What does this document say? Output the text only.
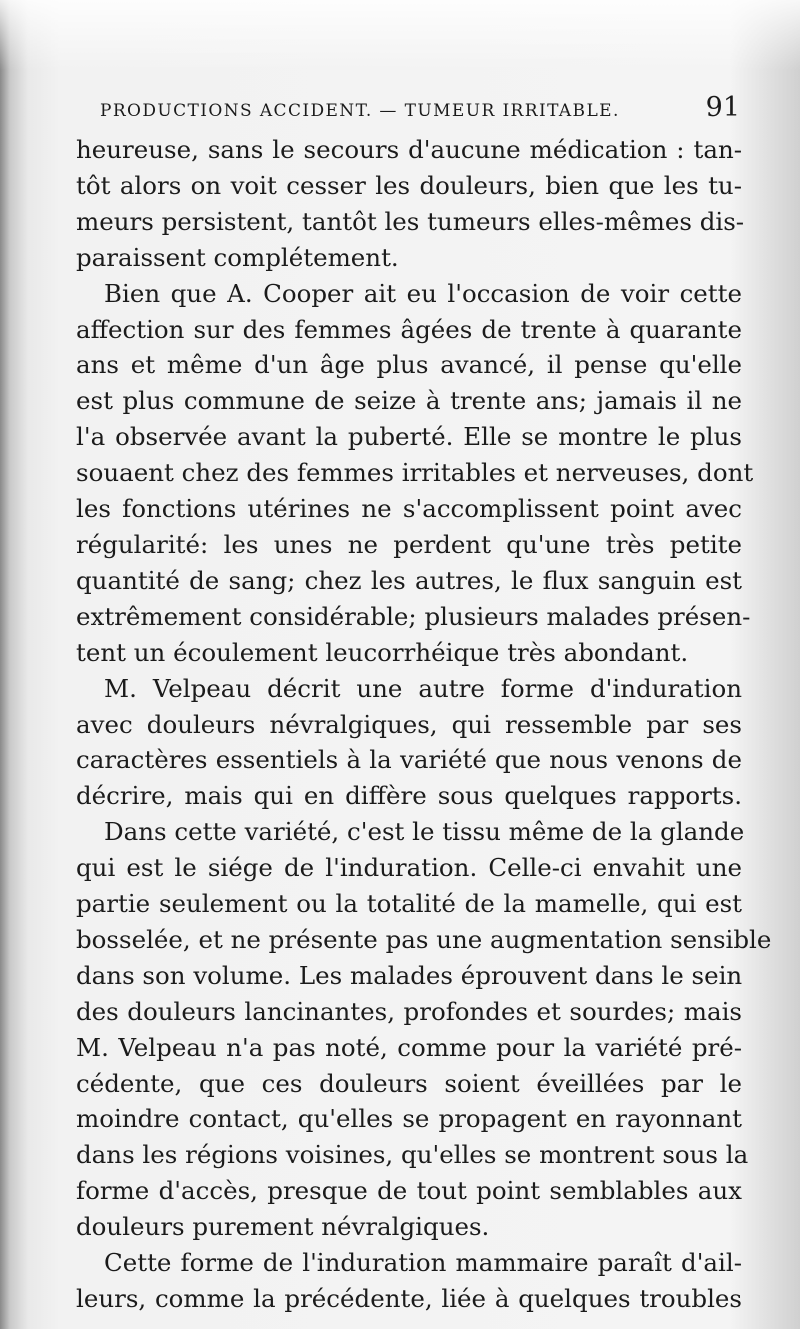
PRODUCTIONS ACCIDENT. — TUMEUR IRRITABLE.	91
heureuse, sans le secours d'aucune médication : tan-
tôt alors on voit cesser les douleurs, bien que les tu-
meurs persistent, tantôt les tumeurs elles-mêmes dis-
paraissent complétement.
Bien que A. Cooper ait eu l'occasion de voir cette
affection sur des femmes âgées de trente à quarante
ans et même d'un âge plus avancé, il pense qu'elle
est plus commune de seize à trente ans; jamais il ne
l'a observée avant la puberté. Elle se montre le plus
souaent chez des femmes irritables et nerveuses, dont
les fonctions utérines ne s'accomplissent point avec
régularité: les unes ne perdent qu'une très petite
quantité de sang; chez les autres, le flux sanguin est
extrêmement considérable; plusieurs malades présen-
tent un écoulement leucorrhéique très abondant.
M. Velpeau décrit une autre forme d'induration
avec douleurs névralgiques, qui ressemble par ses
caractères essentiels à la variété que nous venons de
décrire, mais qui en diffère sous quelques rapports.
Dans cette variété, c'est le tissu même de la glande
qui est le siége de l'induration. Celle-ci envahit une
partie seulement ou la totalité de la mamelle, qui est
bosselée, et ne présente pas une augmentation sensible
dans son volume. Les malades éprouvent dans le sein
des douleurs lancinantes, profondes et sourdes; mais
M. Velpeau n'a pas noté, comme pour la variété pré-
cédente, que ces douleurs soient éveillées par le
moindre contact, qu'elles se propagent en rayonnant
dans les régions voisines, qu'elles se montrent sous la
forme d'accès, presque de tout point semblables aux
douleurs purement névralgiques.
Cette forme de l'induration mammaire paraît d'ail-
leurs, comme la précédente, liée à quelques troubles
